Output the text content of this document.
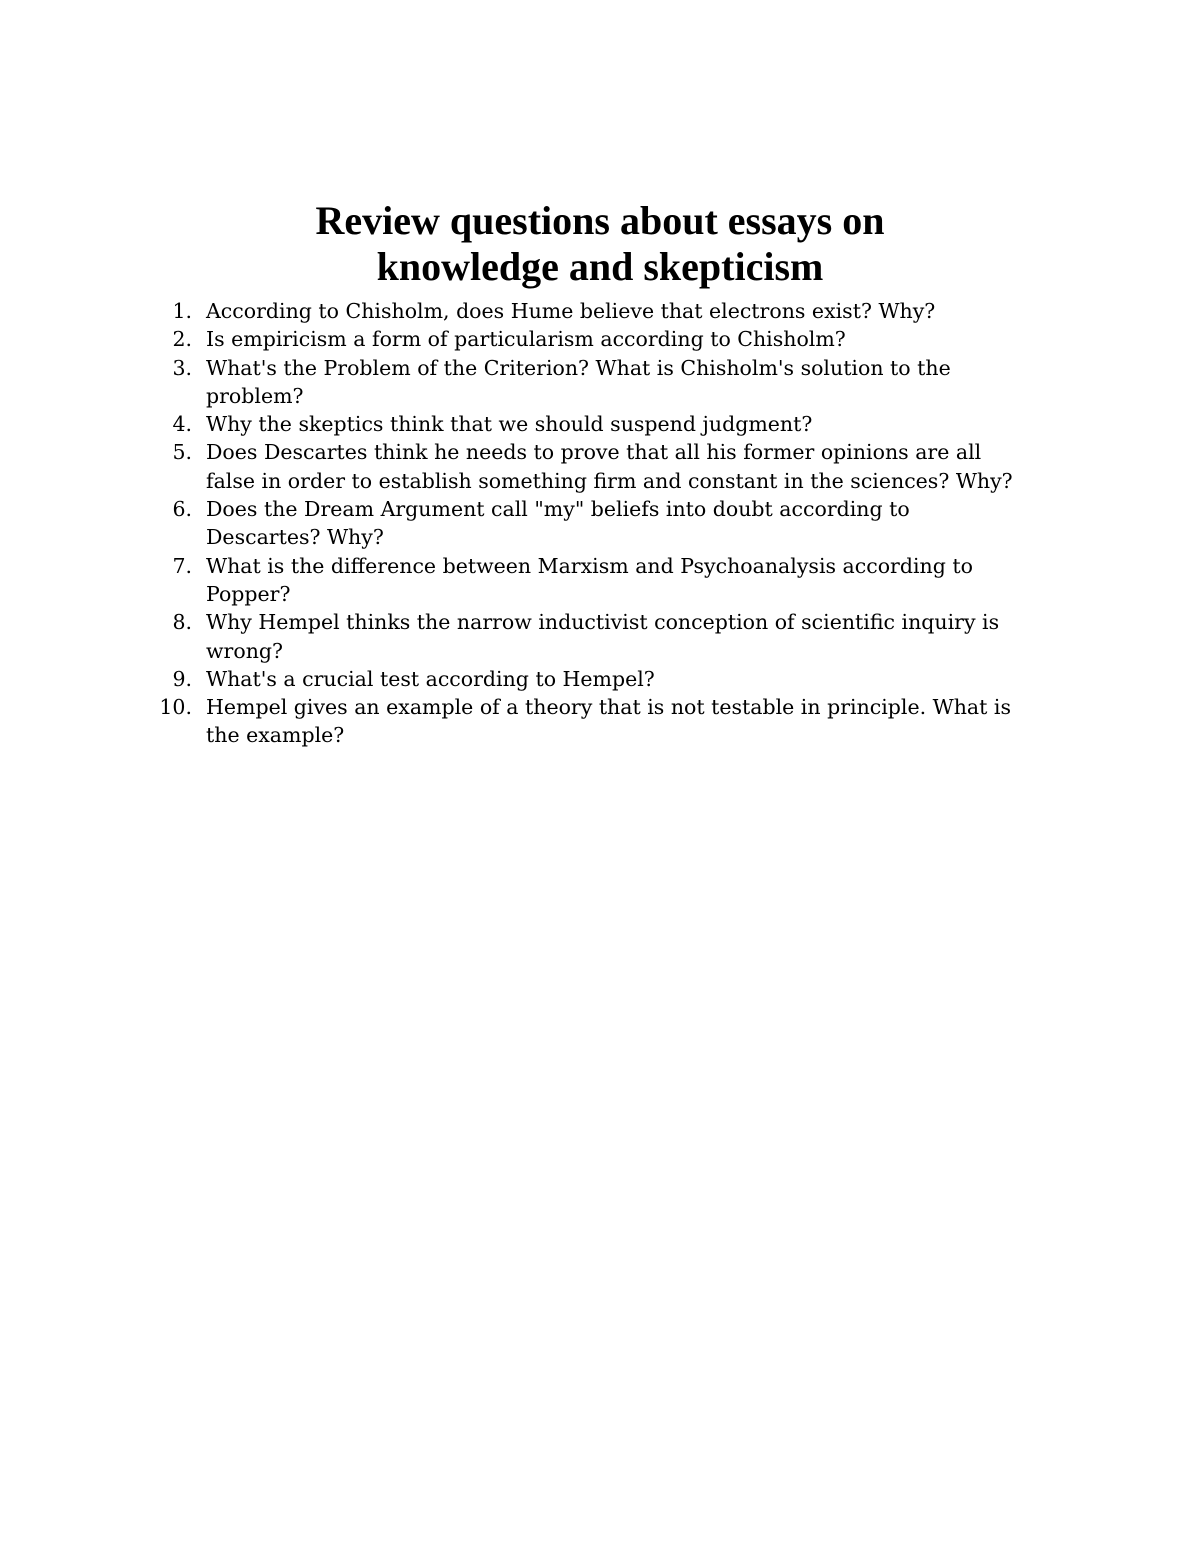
Review questions about essays on
knowledge and skepticism
1. According to Chisholm, does Hume believe that electrons exist? Why?
2. Is empiricism a form of particularism according to Chisholm?
3. What's the Problem of the Criterion? What is Chisholm's solution to the problem?
4. Why the skeptics think that we should suspend judgment?
5. Does Descartes think he needs to prove that all his former opinions are all false in order to establish something firm and constant in the sciences? Why?
6. Does the Dream Argument call "my" beliefs into doubt according to Descartes? Why?
7. What is the difference between Marxism and Psychoanalysis according to Popper?
8. Why Hempel thinks the narrow inductivist conception of scientific inquiry is wrong?
9. What's a crucial test according to Hempel?
10. Hempel gives an example of a theory that is not testable in principle. What is the example?
